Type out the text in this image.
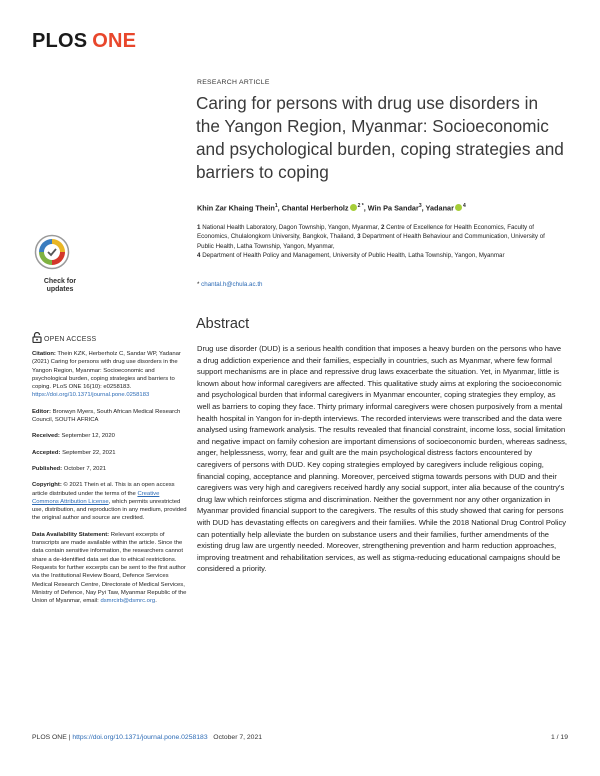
PLOS ONE
RESEARCH ARTICLE
Caring for persons with drug use disorders in the Yangon Region, Myanmar: Socioeconomic and psychological burden, coping strategies and barriers to coping
Khin Zar Khaing Thein$^1$, Chantal Herberholz $^{2 *}$, Win Pa Sandar$^3$, Yadanar $^4$
1 National Health Laboratory, Dagon Township, Yangon, Myanmar, 2 Centre of Excellence for Health Economics, Faculty of Economics, Chulalongkorn University, Bangkok, Thailand, 3 Department of Health Behaviour and Communication, University of Public Health, Latha Township, Yangon, Myanmar,
4 Department of Health Policy and Management, University of Public Health, Latha Township, Yangon, Myanmar
* chantal.h@chula.ac.th
Check for
updates
OPEN ACCESS

Citation: Thein KZK, Herberholz C, Sandar WP, Yadanar (2021) Caring for persons with drug use disorders in the Yangon Region, Myanmar: Socioeconomic and psychological burden, coping strategies and barriers to coping. PLoS ONE 16(10): e0258183. https://doi.org/10.1371/journal.pone.0258183

Editor: Bronwyn Myers, South African Medical Research Council, SOUTH AFRICA

Received: September 12, 2020

Accepted: September 22, 2021

Published: October 7, 2021

Copyright: © 2021 Thein et al. This is an open access article distributed under the terms of the Creative Commons Attribution License, which permits unrestricted use, distribution, and reproduction in any medium, provided the original author and source are credited.

Data Availability Statement: Relevant excerpts of transcripts are made available within the article. Since the data contain sensitive information, the researchers cannot share a de-identified data set due to ethical restrictions. Requests for further excerpts can be sent to the first author via the Institutional Review Board, Defence Services Medical Research Centre, Directorate of Medical Services, Ministry of Defence, Nay Pyi Taw, Myanmar Republic of the Union of Myanmar, email: dsmrcirb@dsmrc.org.

Abstract

Drug use disorder (DUD) is a serious health condition that imposes a heavy burden on the persons who have a drug addiction experience and their families, especially in countries, such as Myanmar, where few formal support mechanisms are in place and repressive drug laws exacerbate the situation. Yet, in Myanmar, little is known about how informal caregivers are affected. This qualitative study aims at exploring the socioeconomic and psychological burden that informal caregivers in Myanmar encounter, coping strategies they employ, as well as barriers to coping they face. Thirty primary informal caregivers were chosen purposively from a mental health hospital in Yangon for in-depth interviews. The recorded interviews were transcribed and the data were analysed using framework analysis. The results revealed that financial constraint, income loss, social limitation and negative impact on family cohesion are important dimensions of socioeconomic burden, whereas sadness, anger, helplessness, worry, fear and guilt are the main psychological distress factors encountered by caregivers of persons with DUD. Key coping strategies employed by caregivers include religious coping, financial coping, acceptance and planning. Moreover, perceived stigma towards persons with DUD and their caregivers was very high and caregivers received hardly any social support, inter alia because of the country's drug law which reinforces stigma and discrimination. Neither the government nor any other organization in Myanmar provided financial support to the caregivers. The results of this study showed that caring for persons with DUD has devastating effects on caregivers and their families. While the 2018 National Drug Control Policy can potentially help alleviate the burden on substance users and their families, further amendments of the existing drug law are urgently needed. Moreover, strengthening prevention and harm reduction approaches, improving treatment and rehabilitation services, as well as stigma-reducing educational campaigns should be considered a priority.

PLOS ONE | https://doi.org/10.1371/journal.pone.0258183 October 7, 2021	1 / 19
